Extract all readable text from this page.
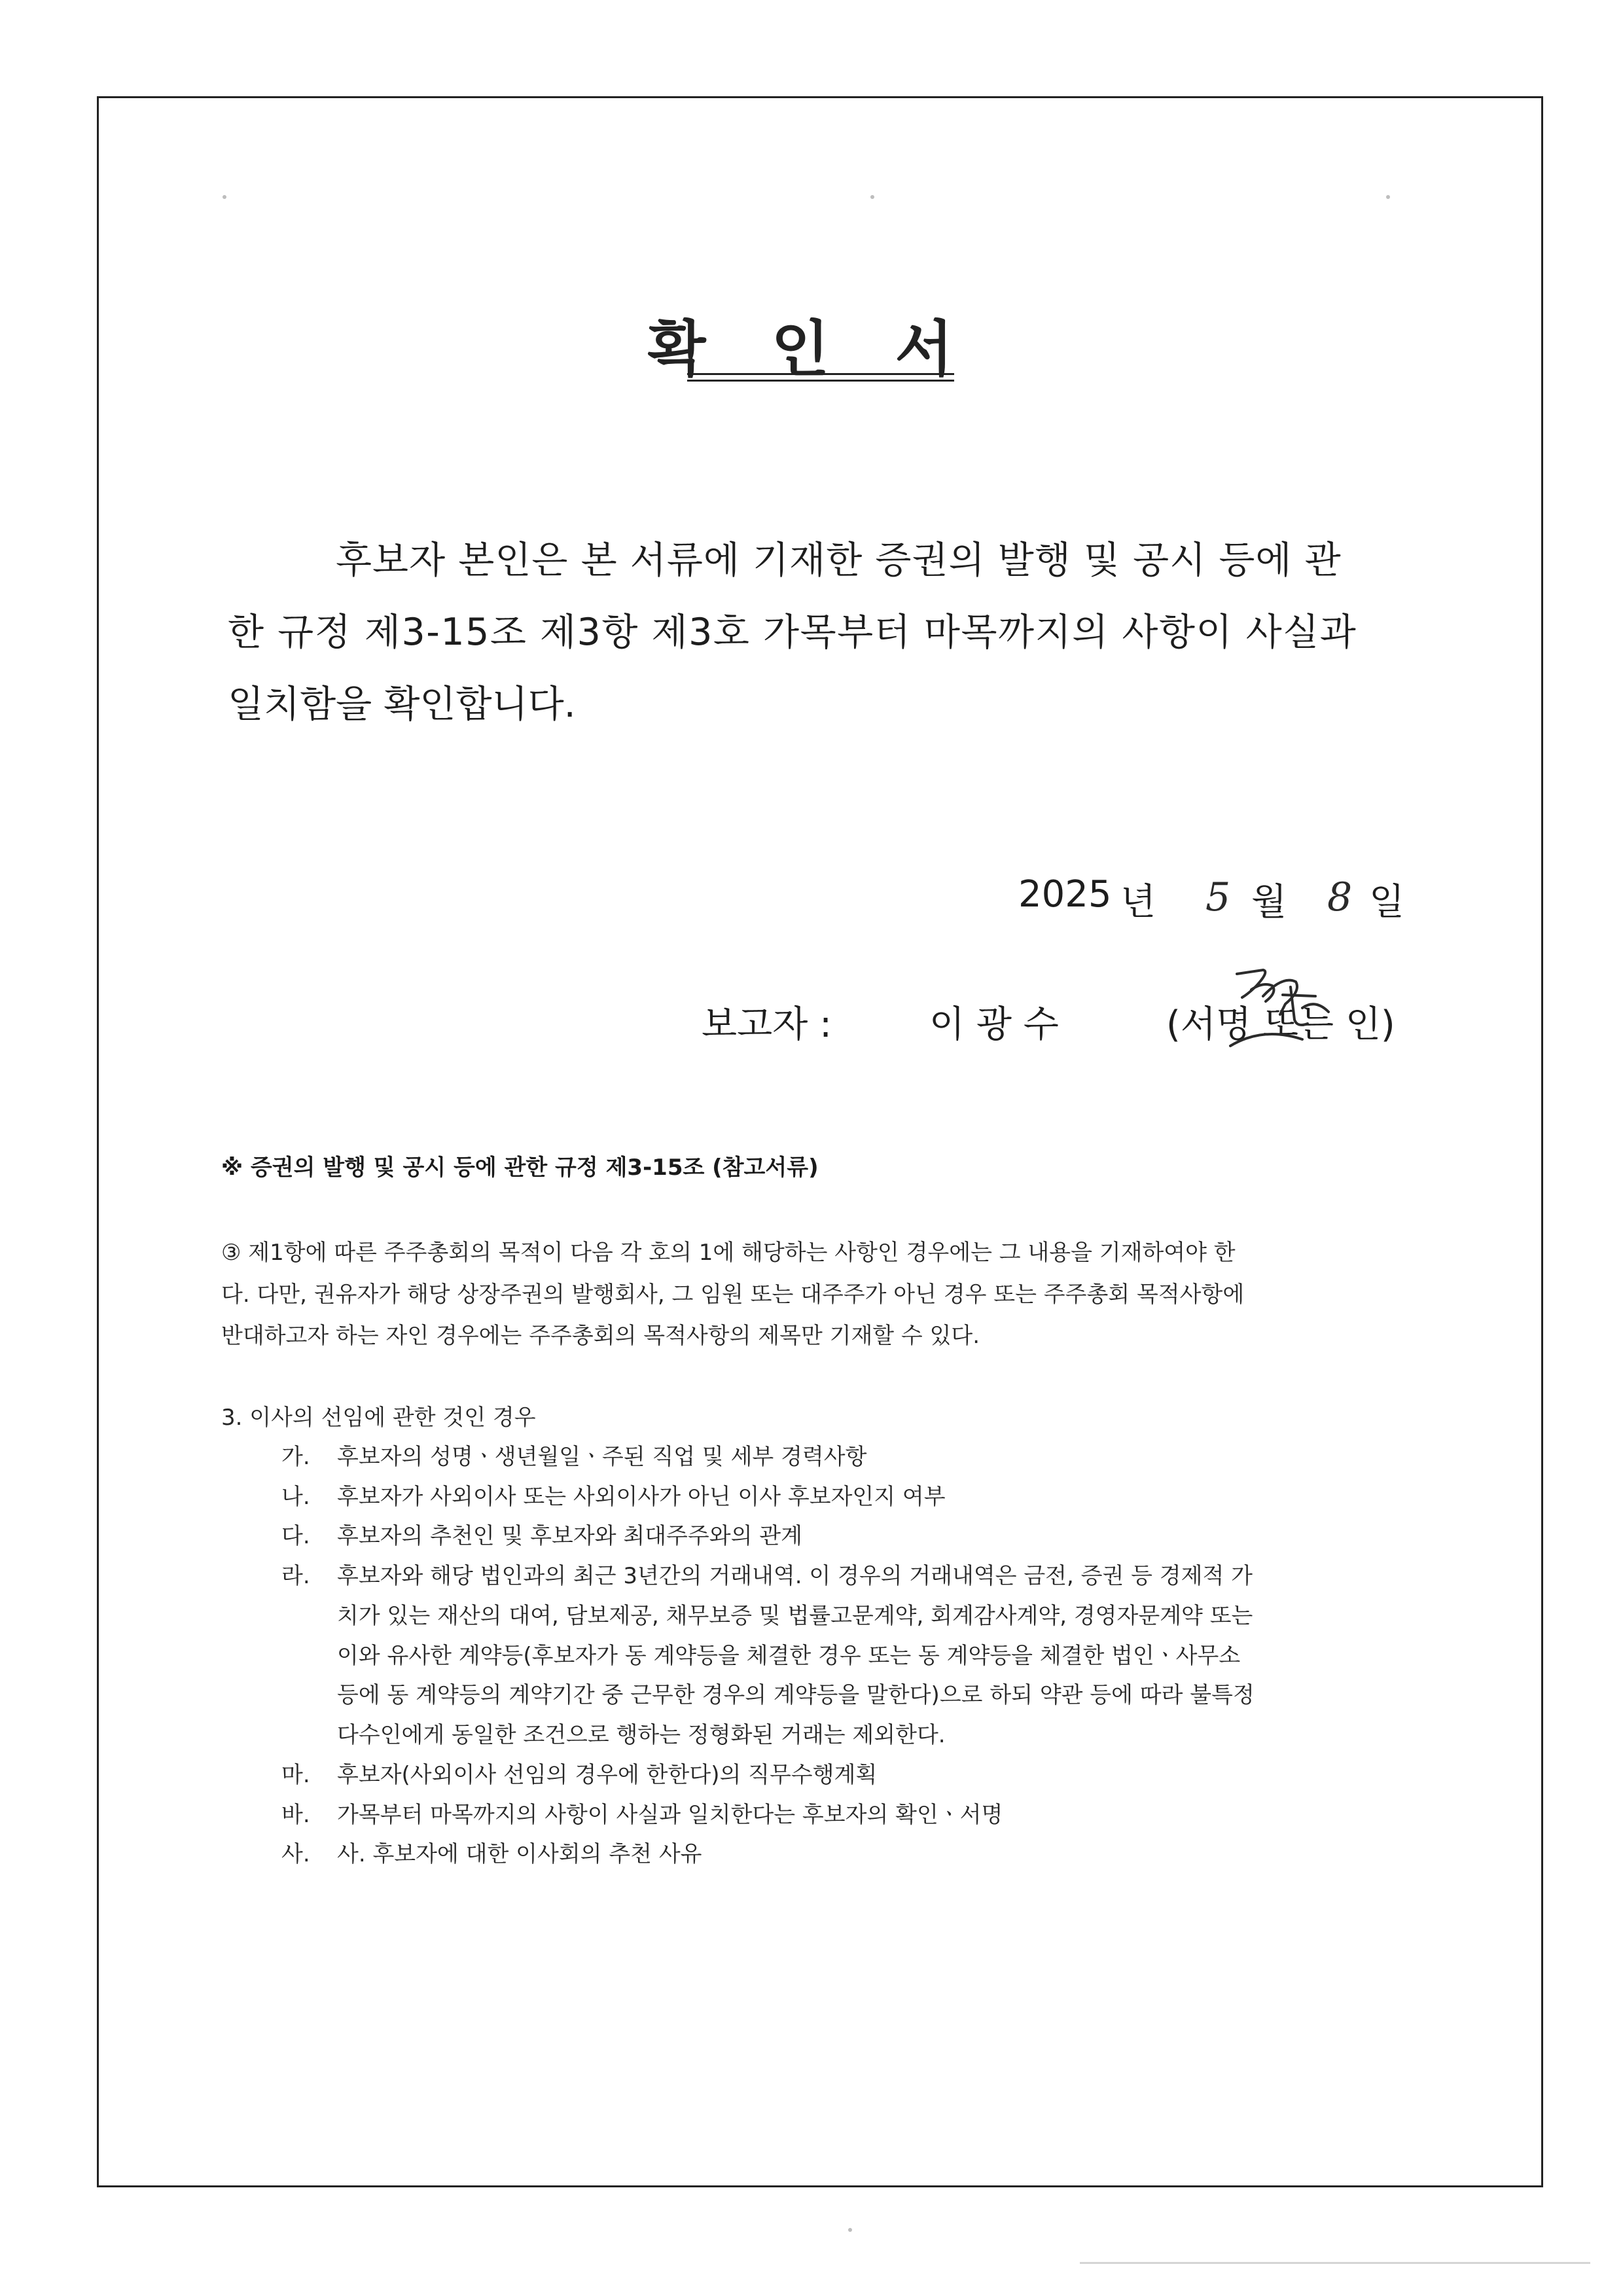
확 인 서
후보자 본인은 본 서류에 기재한 증권의 발행 및 공시 등에 관
한 규정 제3-15조 제3항 제3호 가목부터 마목까지의 사항이 사실과
일치함을 확인합니다.
2025 년 5 월 8 일
보고자 :	이 광 수	(서명 또는 인)
※ 증권의 발행 및 공시 등에 관한 규정 제3-15조 (참고서류)
③ 제1항에 따른 주주총회의 목적이 다음 각 호의 1에 해당하는 사항인 경우에는 그 내용을 기재하여야 한
다. 다만, 권유자가 해당 상장주권의 발행회사, 그 임원 또는 대주주가 아닌 경우 또는 주주총회 목적사항에
반대하고자 하는 자인 경우에는 주주총회의 목적사항의 제목만 기재할 수 있다.
3. 이사의 선임에 관한 것인 경우
가. 후보자의 성명ㆍ생년월일ㆍ주된 직업 및 세부 경력사항
나. 후보자가 사외이사 또는 사외이사가 아닌 이사 후보자인지 여부
다. 후보자의 추천인 및 후보자와 최대주주와의 관계
라. 후보자와 해당 법인과의 최근 3년간의 거래내역. 이 경우의 거래내역은 금전, 증권 등 경제적 가
치가 있는 재산의 대여, 담보제공, 채무보증 및 법률고문계약, 회계감사계약, 경영자문계약 또는
이와 유사한 계약등(후보자가 동 계약등을 체결한 경우 또는 동 계약등을 체결한 법인ㆍ사무소
등에 동 계약등의 계약기간 중 근무한 경우의 계약등을 말한다)으로 하되 약관 등에 따라 불특정
다수인에게 동일한 조건으로 행하는 정형화된 거래는 제외한다.
마. 후보자(사외이사 선임의 경우에 한한다)의 직무수행계획
바. 가목부터 마목까지의 사항이 사실과 일치한다는 후보자의 확인ㆍ서명
사. 사. 후보자에 대한 이사회의 추천 사유
